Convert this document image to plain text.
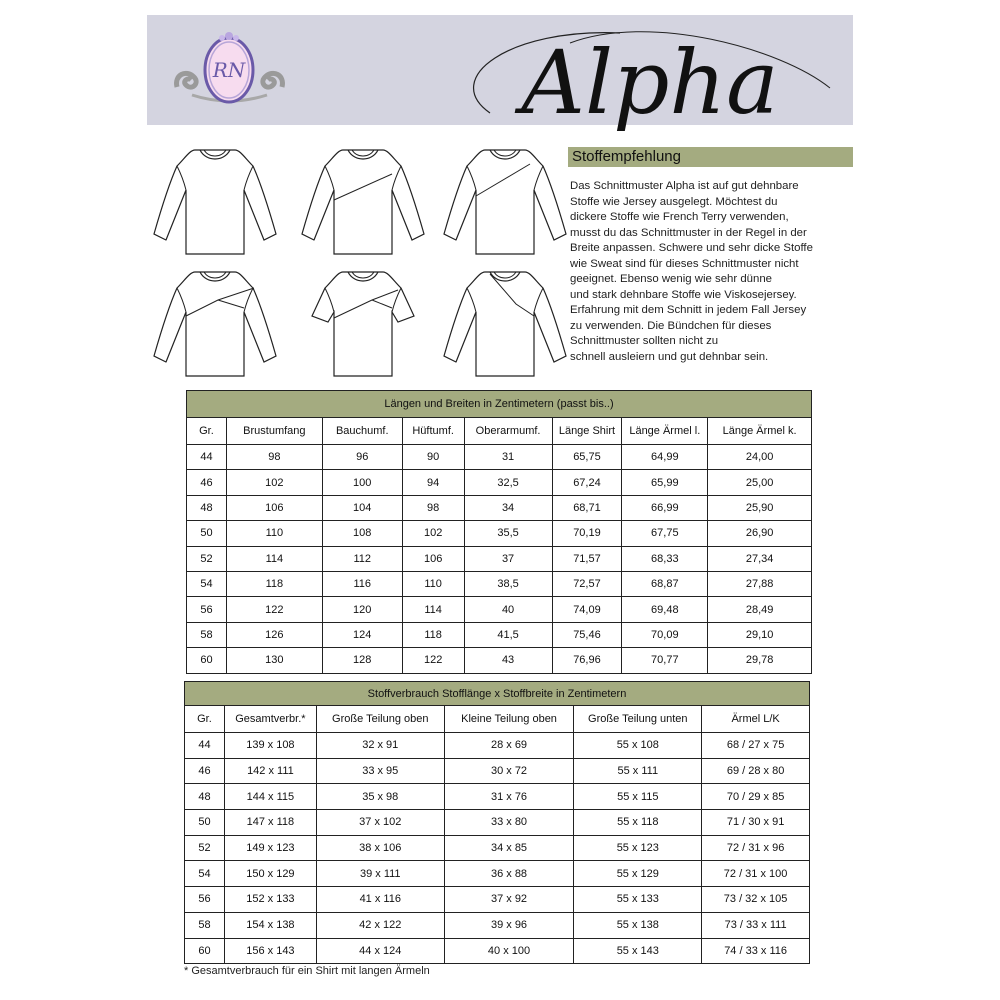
RN	Alpha
Stoffempfehlung
Das Schnittmuster Alpha ist auf gut dehnbare
Stoffe wie Jersey ausgelegt. Möchtest du
dickere Stoffe wie French Terry verwenden,
musst du das Schnittmuster in der Regel in der
Breite anpassen. Schwere und sehr dicke Stoffe
wie Sweat sind für dieses Schnittmuster nicht
geeignet. Ebenso wenig wie sehr dünne
und stark dehnbare Stoffe wie Viskosejersey.
Erfahrung mit dem Schnitt in jedem Fall Jersey
zu verwenden. Die Bündchen für dieses
Schnittmuster sollten nicht zu
schnell ausleiern und gut dehnbar sein.
Längen und Breiten in Zentimetern (passt bis..)							
Gr.	Brustumfang	Bauchumf.	Hüftumf.	Oberarmumf.	Länge Shirt	Länge Ärmel l.	Länge Ärmel k.
44	98	96	90	31	65,75	64,99	24,00
46	102	100	94	32,5	67,24	65,99	25,00
48	106	104	98	34	68,71	66,99	25,90
50	110	108	102	35,5	70,19	67,75	26,90
52	114	112	106	37	71,57	68,33	27,34
54	118	116	110	38,5	72,57	68,87	27,88
56	122	120	114	40	74,09	69,48	28,49
58	126	124	118	41,5	75,46	70,09	29,10
60	130	128	122	43	76,96	70,77	29,78
Stoffverbrauch Stofflänge x Stoffbreite in Zentimetern					
Gr.	Gesamtverbr.*	Große Teilung oben	Kleine Teilung oben	Große Teilung unten	Ärmel L/K
44	139 x 108	32 x 91	28 x 69	55 x 108	68 / 27 x 75
46	142 x 111	33 x 95	30 x 72	55 x 111	69 / 28 x 80
48	144 x 115	35 x 98	31 x 76	55 x 115	70 / 29 x 85
50	147 x 118	37 x 102	33 x 80	55 x 118	71 / 30 x 91
52	149 x 123	38 x 106	34 x 85	55 x 123	72 / 31 x 96
54	150 x 129	39 x 111	36 x 88	55 x 129	72 / 31 x 100
56	152 x 133	41 x 116	37 x 92	55 x 133	73 / 32 x 105
58	154 x 138	42 x 122	39 x 96	55 x 138	73 / 33 x 111
60	156 x 143	44 x 124	40 x 100	55 x 143	74 / 33 x 116
* Gesamtverbrauch für ein Shirt mit langen Ärmeln
